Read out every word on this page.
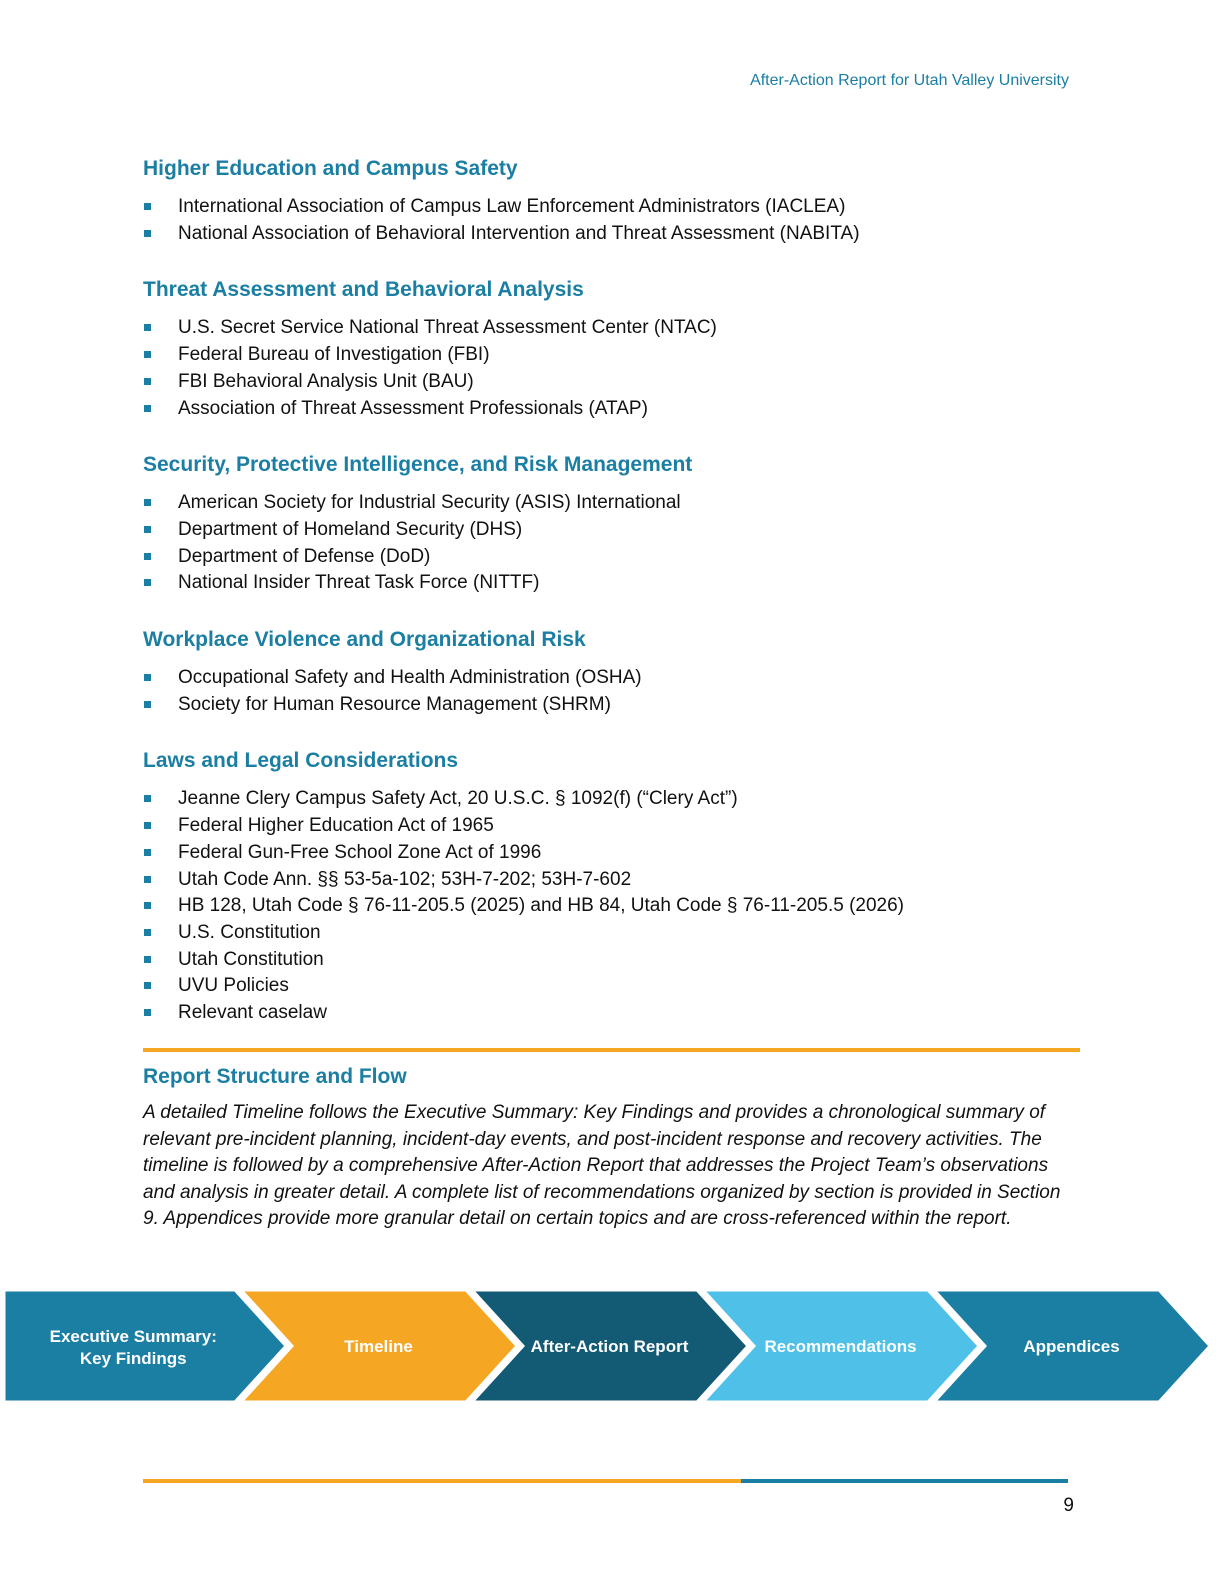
After-Action Report for Utah Valley University
Higher Education and Campus Safety
International Association of Campus Law Enforcement Administrators (IACLEA)
National Association of Behavioral Intervention and Threat Assessment (NABITA)
Threat Assessment and Behavioral Analysis
U.S. Secret Service National Threat Assessment Center (NTAC)
Federal Bureau of Investigation (FBI)
FBI Behavioral Analysis Unit (BAU)
Association of Threat Assessment Professionals (ATAP)
Security, Protective Intelligence, and Risk Management
American Society for Industrial Security (ASIS) International
Department of Homeland Security (DHS)
Department of Defense (DoD)
National Insider Threat Task Force (NITTF)
Workplace Violence and Organizational Risk
Occupational Safety and Health Administration (OSHA)
Society for Human Resource Management (SHRM)
Laws and Legal Considerations
Jeanne Clery Campus Safety Act, 20 U.S.C. § 1092(f) (“Clery Act”)
Federal Higher Education Act of 1965
Federal Gun-Free School Zone Act of 1996
Utah Code Ann. §§ 53-5a-102; 53H-7-202; 53H-7-602
HB 128, Utah Code § 76-11-205.5 (2025) and HB 84, Utah Code § 76-11-205.5 (2026)
U.S. Constitution
Utah Constitution
UVU Policies
Relevant caselaw
Report Structure and Flow

A detailed Timeline follows the Executive Summary: Key Findings and provides a chronological summary of relevant pre-incident planning, incident-day events, and post-incident response and recovery activities. The timeline is followed by a comprehensive After-Action Report that addresses the Project Team’s observations and analysis in greater detail. A complete list of recommendations organized by section is provided in Section 9. Appendices provide more granular detail on certain topics and are cross-referenced within the report.

Executive Summary: Key Findings
Timeline	After-Action Report	Recommendations	Appendices
9
